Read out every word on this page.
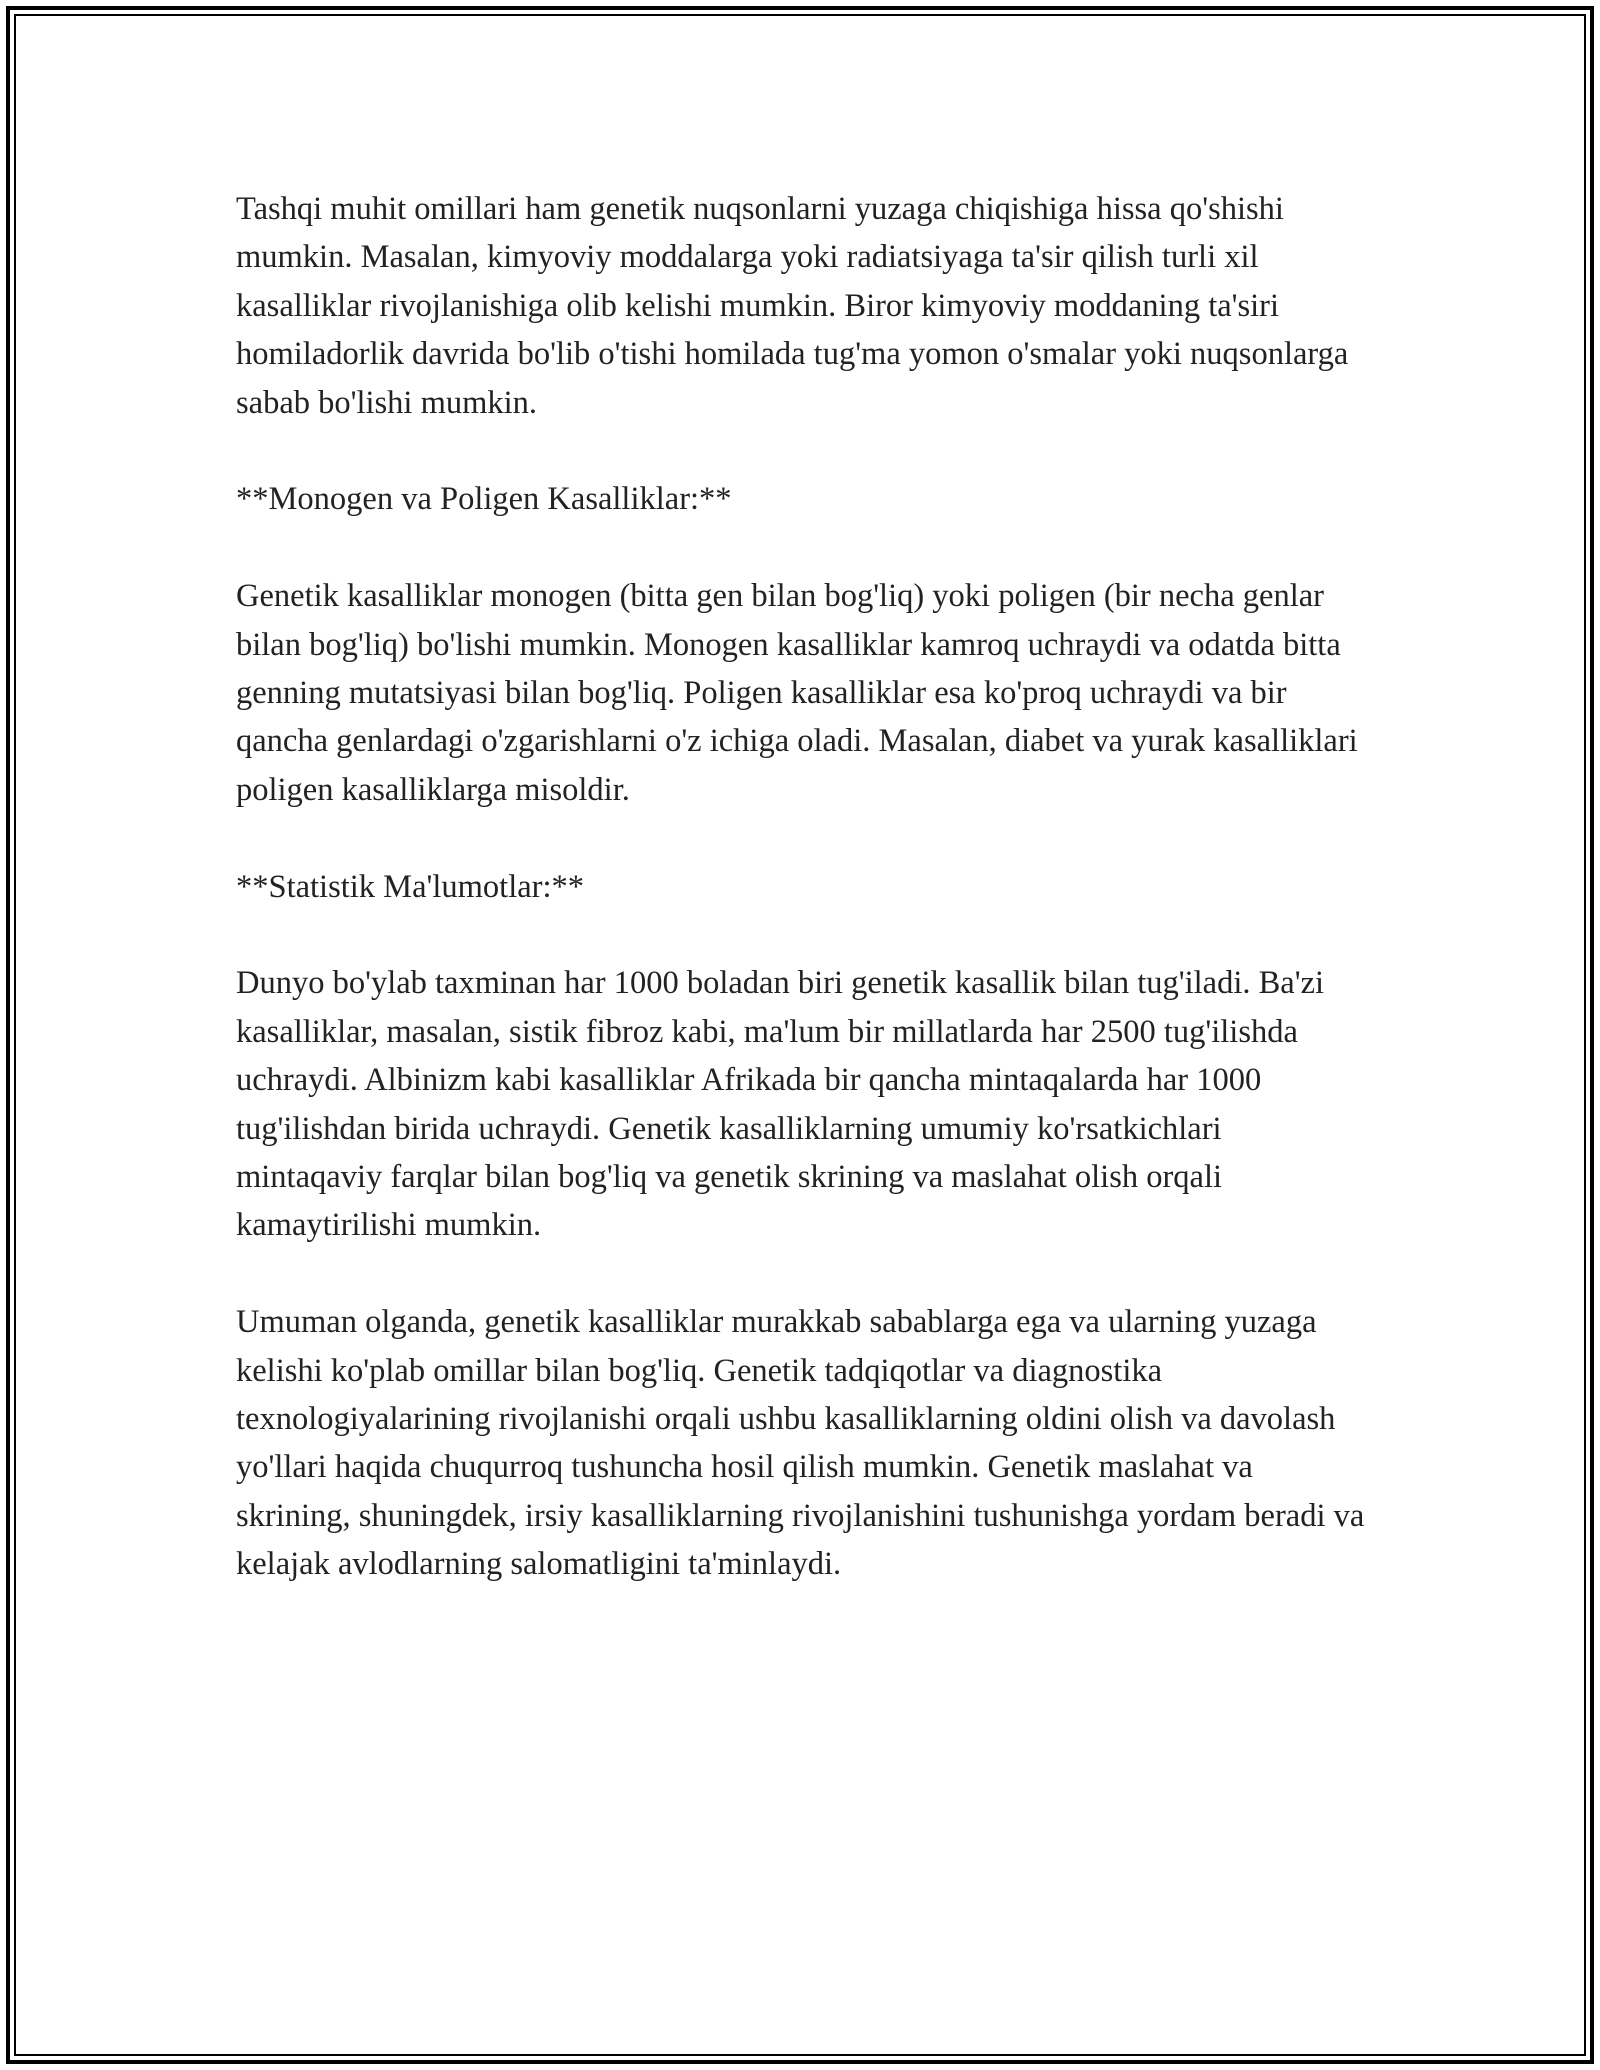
Tashqi muhit omillari ham genetik nuqsonlarni yuzaga chiqishiga hissa qo'shishi mumkin. Masalan, kimyoviy moddalarga yoki radiatsiyaga ta'sir qilish turli xil kasalliklar rivojlanishiga olib kelishi mumkin. Biror kimyoviy moddaning ta'siri homiladorlik davrida bo'lib o'tishi homilada tug'ma yomon o'smalar yoki nuqsonlarga sabab bo'lishi mumkin.

**Monogen va Poligen Kasalliklar:**

Genetik kasalliklar monogen (bitta gen bilan bog'liq) yoki poligen (bir necha genlar bilan bog'liq) bo'lishi mumkin. Monogen kasalliklar kamroq uchraydi va odatda bitta genning mutatsiyasi bilan bog'liq. Poligen kasalliklar esa ko'proq uchraydi va bir qancha genlardagi o'zgarishlarni o'z ichiga oladi. Masalan, diabet va yurak kasalliklari poligen kasalliklarga misoldir.

**Statistik Ma'lumotlar:**

Dunyo bo'ylab taxminan har 1000 boladan biri genetik kasallik bilan tug'iladi. Ba'zi kasalliklar, masalan, sistik fibroz kabi, ma'lum bir millatlarda har 2500 tug'ilishda uchraydi. Albinizm kabi kasalliklar Afrikada bir qancha mintaqalarda har 1000 tug'ilishdan birida uchraydi. Genetik kasalliklarning umumiy ko'rsatkichlari mintaqaviy farqlar bilan bog'liq va genetik skrining va maslahat olish orqali kamaytirilishi mumkin.

Umuman olganda, genetik kasalliklar murakkab sabablarga ega va ularning yuzaga kelishi ko'plab omillar bilan bog'liq. Genetik tadqiqotlar va diagnostika texnologiyalarining rivojlanishi orqali ushbu kasalliklarning oldini olish va davolash yo'llari haqida chuqurroq tushuncha hosil qilish mumkin. Genetik maslahat va skrining, shuningdek, irsiy kasalliklarning rivojlanishini tushunishga yordam beradi va kelajak avlodlarning salomatligini ta'minlaydi.
